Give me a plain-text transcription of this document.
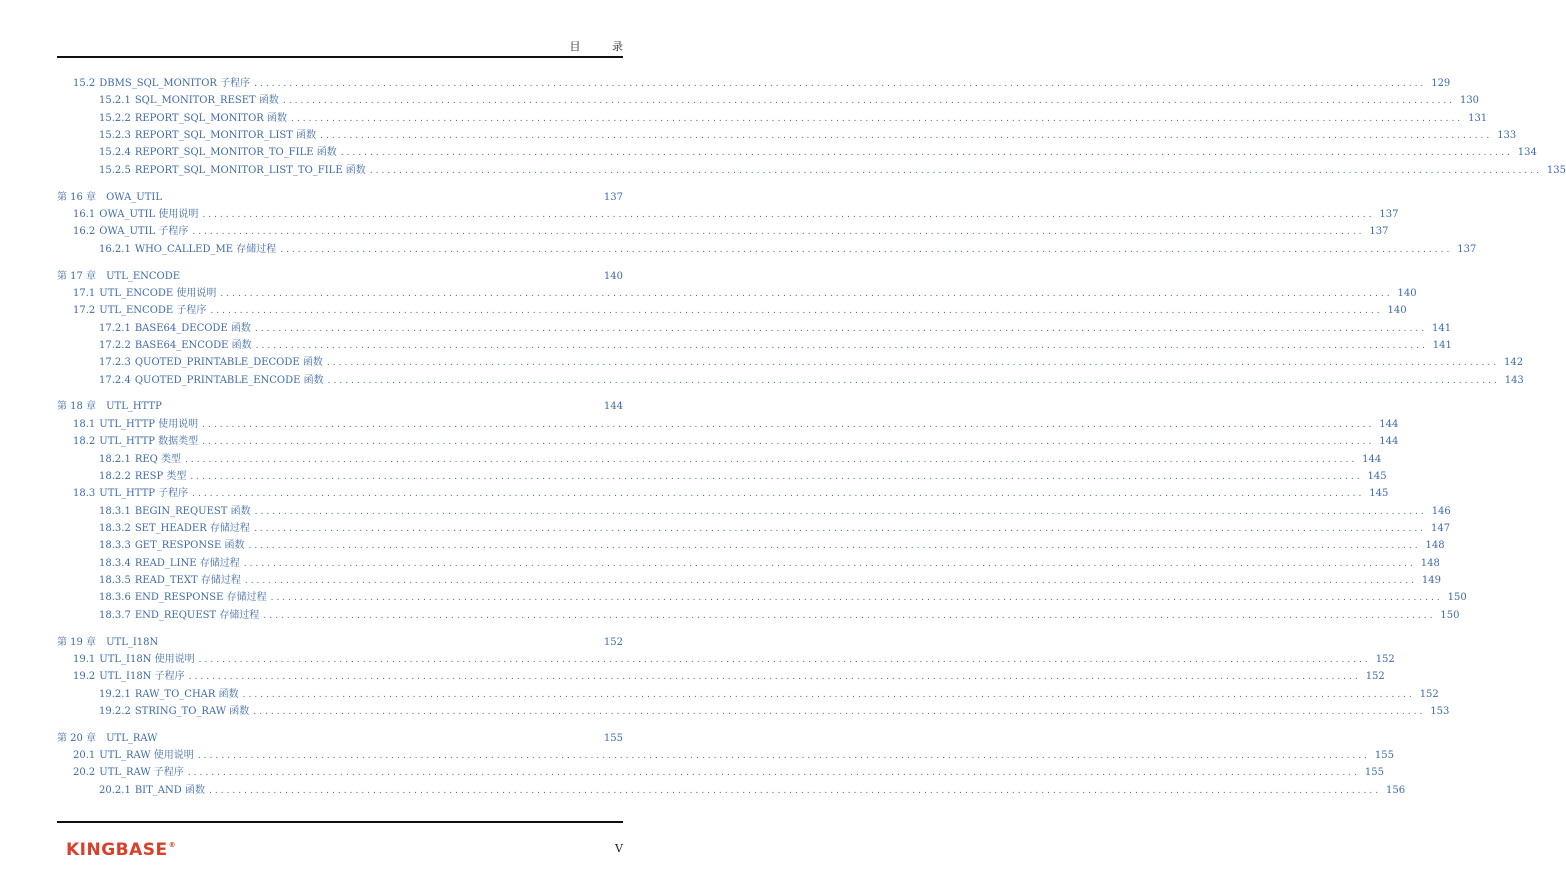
目 录
15.2 DBMS_SQL_MONITOR 子程序 ........................................................................................................................................................................................................ 129
15.2.1 SQL_MONITOR_RESET 函数 ........................................................................................................................................................................................................ 130
15.2.2 REPORT_SQL_MONITOR 函数 ........................................................................................................................................................................................................ 131
15.2.3 REPORT_SQL_MONITOR_LIST 函数 ........................................................................................................................................................................................................ 133
15.2.4 REPORT_SQL_MONITOR_TO_FILE 函数 ........................................................................................................................................................................................................ 134
15.2.5 REPORT_SQL_MONITOR_LIST_TO_FILE 函数 ........................................................................................................................................................................................................ 135
第 16 章 OWA_UTIL	137
16.1 OWA_UTIL 使用说明 ........................................................................................................................................................................................................ 137
16.2 OWA_UTIL 子程序 ........................................................................................................................................................................................................ 137
16.2.1 WHO_CALLED_ME 存储过程 ........................................................................................................................................................................................................ 137
第 17 章 UTL_ENCODE	140
17.1 UTL_ENCODE 使用说明 ........................................................................................................................................................................................................ 140
17.2 UTL_ENCODE 子程序 ........................................................................................................................................................................................................ 140
17.2.1 BASE64_DECODE 函数 ........................................................................................................................................................................................................ 141
17.2.2 BASE64_ENCODE 函数 ........................................................................................................................................................................................................ 141
17.2.3 QUOTED_PRINTABLE_DECODE 函数 ........................................................................................................................................................................................................ 142
17.2.4 QUOTED_PRINTABLE_ENCODE 函数 ........................................................................................................................................................................................................ 143
第 18 章 UTL_HTTP	144
18.1 UTL_HTTP 使用说明 ........................................................................................................................................................................................................ 144
18.2 UTL_HTTP 数据类型 ........................................................................................................................................................................................................ 144
18.2.1 REQ 类型 ........................................................................................................................................................................................................ 144
18.2.2 RESP 类型 ........................................................................................................................................................................................................ 145
18.3 UTL_HTTP 子程序 ........................................................................................................................................................................................................ 145
18.3.1 BEGIN_REQUEST 函数 ........................................................................................................................................................................................................ 146
18.3.2 SET_HEADER 存储过程 ........................................................................................................................................................................................................ 147
18.3.3 GET_RESPONSE 函数 ........................................................................................................................................................................................................ 148
18.3.4 READ_LINE 存储过程 ........................................................................................................................................................................................................ 148
18.3.5 READ_TEXT 存储过程 ........................................................................................................................................................................................................ 149
18.3.6 END_RESPONSE 存储过程 ........................................................................................................................................................................................................ 150
18.3.7 END_REQUEST 存储过程 ........................................................................................................................................................................................................ 150
第 19 章 UTL_I18N	152
19.1 UTL_I18N 使用说明 ........................................................................................................................................................................................................ 152
19.2 UTL_I18N 子程序 ........................................................................................................................................................................................................ 152
19.2.1 RAW_TO_CHAR 函数 ........................................................................................................................................................................................................ 152
19.2.2 STRING_TO_RAW 函数 ........................................................................................................................................................................................................ 153
第 20 章 UTL_RAW	155
20.1 UTL_RAW 使用说明 ........................................................................................................................................................................................................ 155
20.2 UTL_RAW 子程序 ........................................................................................................................................................................................................ 155
20.2.1 BIT_AND 函数 ........................................................................................................................................................................................................ 156
KINGBASE®	V
